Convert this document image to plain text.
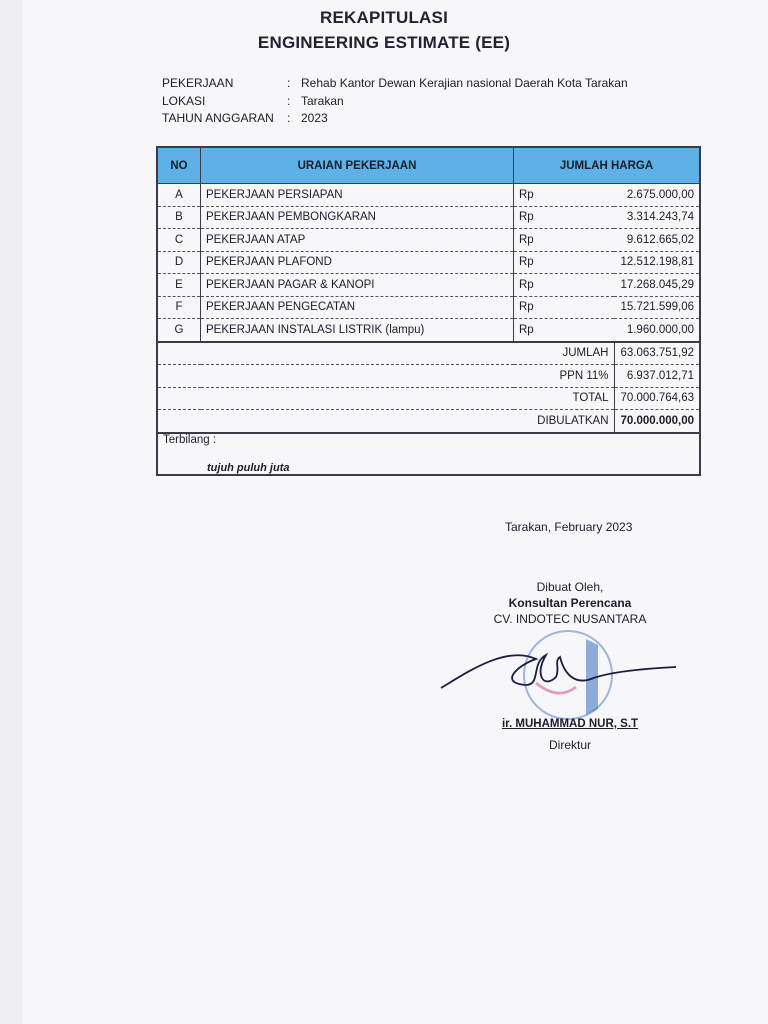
REKAPITULASI
ENGINEERING ESTIMATE (EE)
PEKERJAAN	: Rehab Kantor Dewan Kerajian nasional Daerah Kota Tarakan
LOKASI	: Tarakan
TAHUN ANGGARAN	: 2023
NO	URAIAN PEKERJAAN	JUMLAH HARGA	
A	PEKERJAAN PERSIAPAN	Rp	2.675.000,00
B	PEKERJAAN PEMBONGKARAN	Rp	3.314.243,74
C	PEKERJAAN ATAP	Rp	9.612.665,02
D	PEKERJAAN PLAFOND	Rp	12.512.198,81
E	PEKERJAAN PAGAR & KANOPI	Rp	17.268.045,29
F	PEKERJAAN PENGECATAN	Rp	15.721.599,06
G	PEKERJAAN INSTALASI LISTRIK (lampu)	Rp	1.960.000,00
JUMLAH			63.063.751,92
PPN 11%			6.937.012,71
TOTAL			70.000.764,63
DIBULATKAN			70.000.000,00

Terbilang :
tujuh puluh juta			
Tarakan, February 2023
Dibuat Oleh,
Konsultan Perencana
CV. INDOTEC NUSANTARA
ir. MUHAMMAD NUR, S.T
Direktur
